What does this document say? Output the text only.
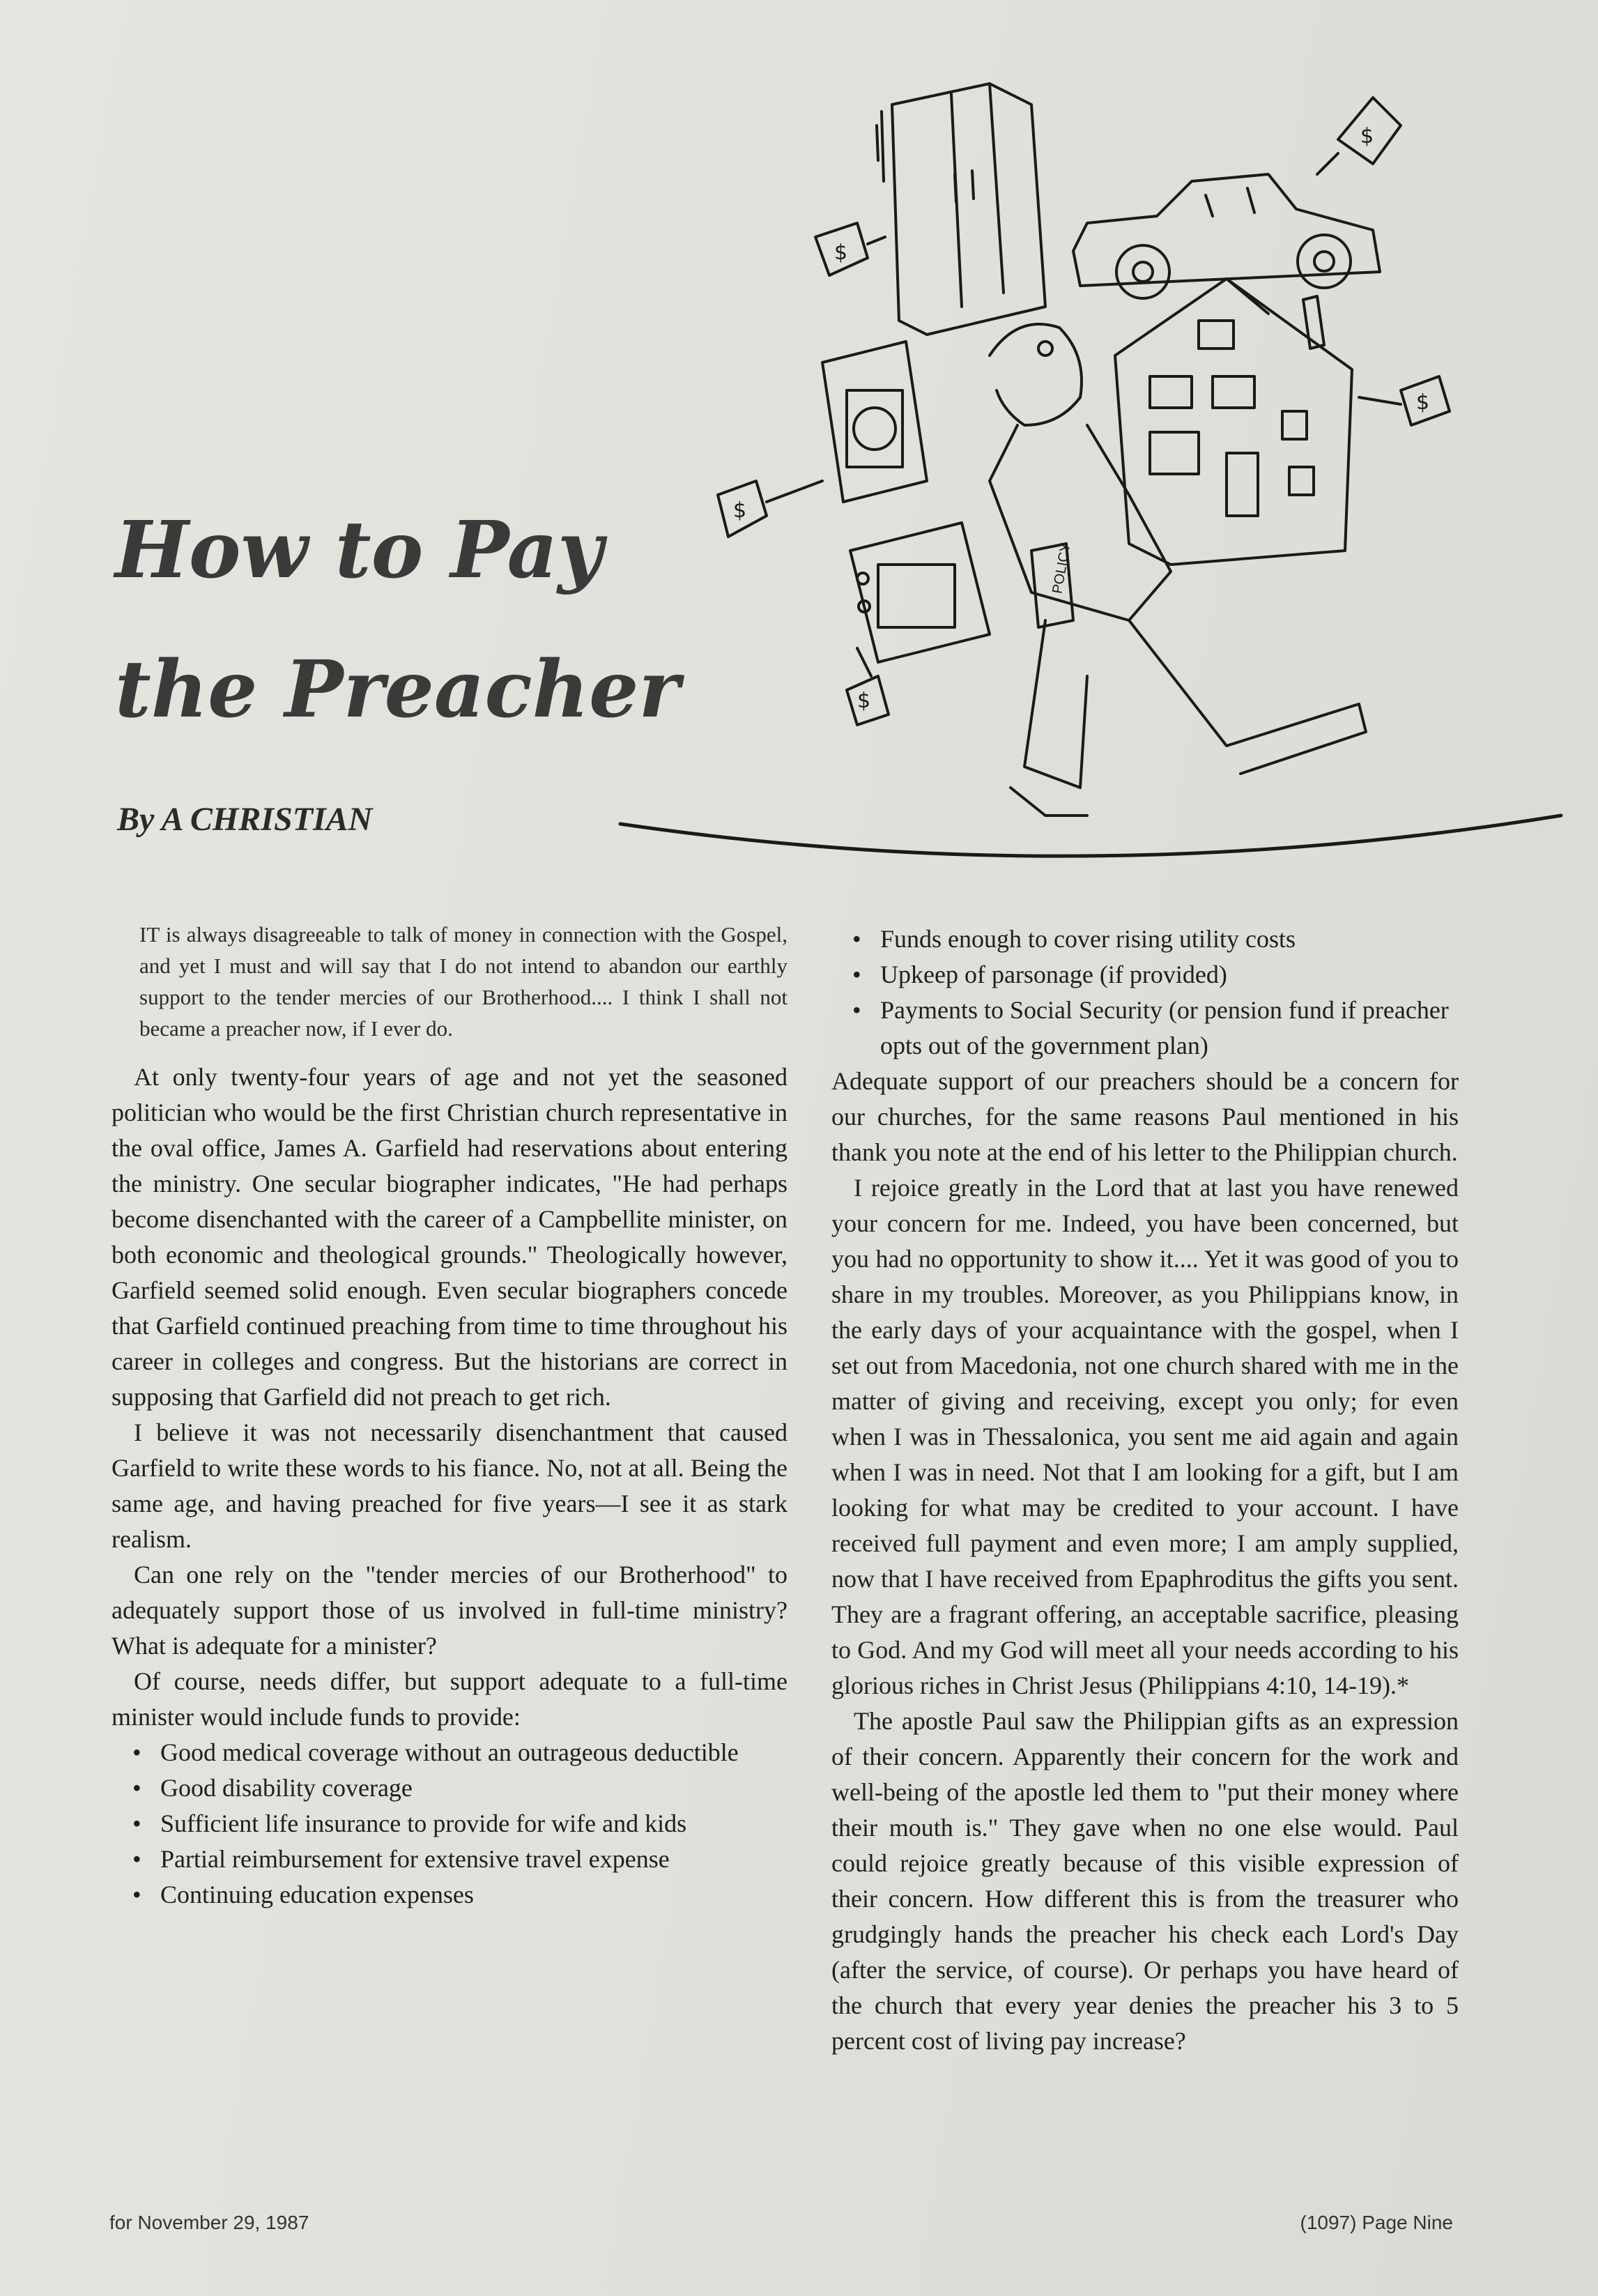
How to Pay
the Preacher

By A CHRISTIAN

POLICY
$
$
$
$
$

IT is always disagreeable to talk of money in connection with the Gospel, and yet I must and will say that I do not intend to abandon our earthly support to the tender mercies of our Brotherhood.... I think I shall not became a preacher now, if I ever do.

At only twenty-four years of age and not yet the seasoned politician who would be the first Christian church representative in the oval office, James A. Garfield had reservations about entering the ministry. One secular biographer indicates, "He had perhaps become disenchanted with the career of a Campbellite minister, on both economic and theological grounds." Theologically however, Garfield seemed solid enough. Even secular biographers concede that Garfield continued preaching from time to time throughout his career in colleges and congress. But the historians are correct in supposing that Garfield did not preach to get rich.

I believe it was not necessarily disenchantment that caused Garfield to write these words to his fiance. No, not at all. Being the same age, and having preached for five years—I see it as stark realism.

Can one rely on the "tender mercies of our Brotherhood" to adequately support those of us involved in full-time ministry? What is adequate for a minister?

Of course, needs differ, but support adequate to a full-time minister would include funds to provide:

• Good medical coverage without an outrageous deductible
• Good disability coverage
• Sufficient life insurance to provide for wife and kids
• Partial reimbursement for extensive travel expense
• Continuing education expenses
• Funds enough to cover rising utility costs
• Upkeep of parsonage (if provided)
• Payments to Social Security (or pension fund if preacher opts out of the government plan)

Adequate support of our preachers should be a concern for our churches, for the same reasons Paul mentioned in his thank you note at the end of his letter to the Philippian church.

I rejoice greatly in the Lord that at last you have renewed your concern for me. Indeed, you have been concerned, but you had no opportunity to show it.... Yet it was good of you to share in my troubles. Moreover, as you Philippians know, in the early days of your acquaintance with the gospel, when I set out from Macedonia, not one church shared with me in the matter of giving and receiving, except you only; for even when I was in Thessalonica, you sent me aid again and again when I was in need. Not that I am looking for a gift, but I am looking for what may be credited to your account. I have received full payment and even more; I am amply supplied, now that I have received from Epaphroditus the gifts you sent. They are a fragrant offering, an acceptable sacrifice, pleasing to God. And my God will meet all your needs according to his glorious riches in Christ Jesus (Philippians 4:10, 14-19).*

The apostle Paul saw the Philippian gifts as an expression of their concern. Apparently their concern for the work and well-being of the apostle led them to "put their money where their mouth is." They gave when no one else would. Paul could rejoice greatly because of this visible expression of their concern. How different this is from the treasurer who grudgingly hands the preacher his check each Lord's Day (after the service, of course). Or perhaps you have heard of the church that every year denies the preacher his 3 to 5 percent cost of living pay increase?

for November 29, 1987	(1097) Page Nine
